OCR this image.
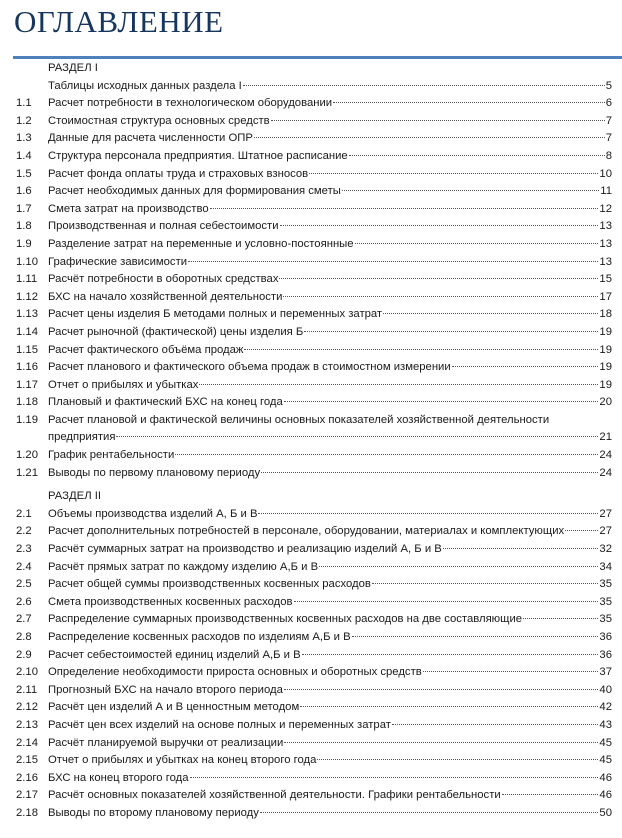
ОГЛАВЛЕНИЕ
РАЗДЕЛ I
Таблицы исходных данных раздела I	5
1.1	Расчет потребности в технологическом оборудовании	6
1.2	Стоимостная структура основных средств	7
1.3	Данные для расчета численности ОПР	7
1.4	Структура персонала предприятия. Штатное расписание	8
1.5	Расчет фонда оплаты труда и страховых взносов	10
1.6	Расчет необходимых данных для формирования сметы	11
1.7	Смета затрат на производство	12
1.8	Производственная и полная себестоимости	13
1.9	Разделение затрат на переменные и условно-постоянные	13
1.10 Графические зависимости	13
1.11 Расчёт потребности в оборотных средствах	15
1.12 БХС на начало хозяйственной деятельности	17
1.13 Расчет цены изделия Б методами полных и переменных затрат	18
1.14 Расчет рыночной (фактической) цены изделия Б	19
1.15 Расчет фактического объёма продаж	19
1.16 Расчет планового и фактического объема продаж в стоимостном измерении	19
1.17 Отчет о прибылях и убытках	19
1.18 Плановый и фактический БХС на конец года	20
1.19 Расчет плановой и фактической величины основных показателей хозяйственной деятельности
предприятия	21
1.20 График рентабельности	24
1.21 Выводы по первому плановому периоду	24
РАЗДЕЛ II
2.1	Объемы производства изделий А, Б и В	27
2.2	Расчет дополнительных потребностей в персонале, оборудовании, материалах и комплектующих	27
2.3	Расчёт суммарных затрат на производство и реализацию изделий А, Б и В	32
2.4	Расчёт прямых затрат по каждому изделию А,Б и В	34
2.5	Расчет общей суммы производственных косвенных расходов	35
2.6	Смета производственных косвенных расходов	35
2.7	Распределение суммарных производственных косвенных расходов на две составляющие	35
2.8	Распределение косвенных расходов по изделиям А,Б и В	36
2.9	Расчет себестоимостей единиц изделий А,Б и В	36
2.10 Определение необходимости прироста основных и оборотных средств	37
2.11 Прогнозный БХС на начало второго периода	40
2.12 Расчёт цен изделий А и В ценностным методом	42
2.13 Расчёт цен всех изделий на основе полных и переменных затрат	43
2.14 Расчёт планируемой выручки от реализации	45
2.15 Отчет о прибылях и убытках на конец второго года	45
2.16 БХС на конец второго года	46
2.17 Расчёт основных показателей хозяйственной деятельности. Графики рентабельности	46
2.18 Выводы по второму плановому периоду	50
